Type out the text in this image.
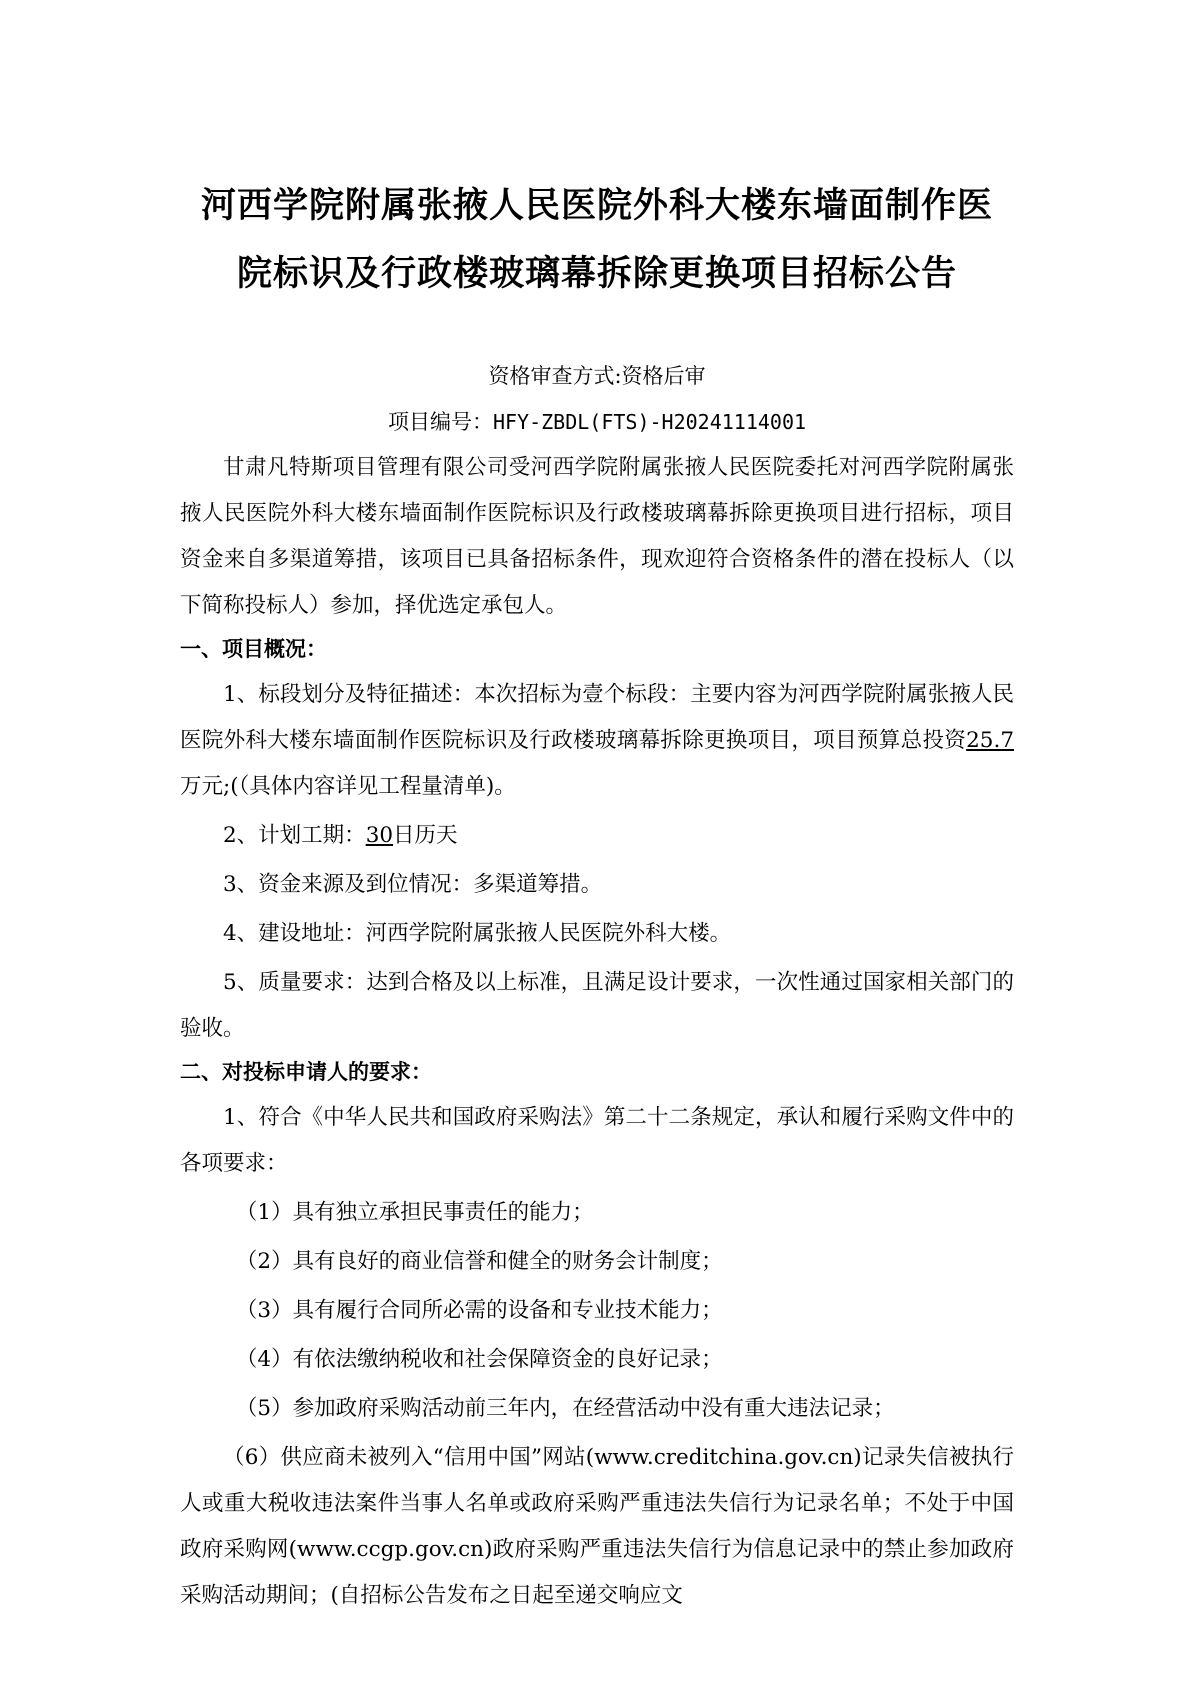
河西学院附属张掖人民医院外科大楼东墙面制作医
院标识及行政楼玻璃幕拆除更换项目招标公告
资格审查方式:资格后审
项目编号：HFY-ZBDL(FTS)-H20241114001

甘肃凡特斯项目管理有限公司受河西学院附属张掖人民医院委托对河西学院附属张掖人民医院外科大楼东墙面制作医院标识及行政楼玻璃幕拆除更换项目进行招标，项目资金来自多渠道筹措，该项目已具备招标条件，现欢迎符合资格条件的潜在投标人（以下简称投标人）参加，择优选定承包人。

一、项目概况：

1、标段划分及特征描述：本次招标为壹个标段：主要内容为河西学院附属张掖人民医院外科大楼东墙面制作医院标识及行政楼玻璃幕拆除更换项目，项目预算总投资25.7万元;(（具体内容详见工程量清单)。

2、计划工期：30日历天

3、资金来源及到位情况：多渠道筹措。

4、建设地址：河西学院附属张掖人民医院外科大楼。

5、质量要求：达到合格及以上标准，且满足设计要求，一次性通过国家相关部门的验收。

二、对投标申请人的要求：

1、符合《中华人民共和国政府采购法》第二十二条规定，承认和履行采购文件中的各项要求：

（1）具有独立承担民事责任的能力；

（2）具有良好的商业信誉和健全的财务会计制度；

（3）具有履行合同所必需的设备和专业技术能力；

（4）有依法缴纳税收和社会保障资金的良好记录；

（5）参加政府采购活动前三年内，在经营活动中没有重大违法记录；

（6）供应商未被列入“信用中国”网站(www.creditchina.gov.cn)记录失信被执行人或重大税收违法案件当事人名单或政府采购严重违法失信行为记录名单；不处于中国政府采购网(www.ccgp.gov.cn)政府采购严重违法失信行为信息记录中的禁止参加政府采购活动期间；(自招标公告发布之日起至递交响应文
